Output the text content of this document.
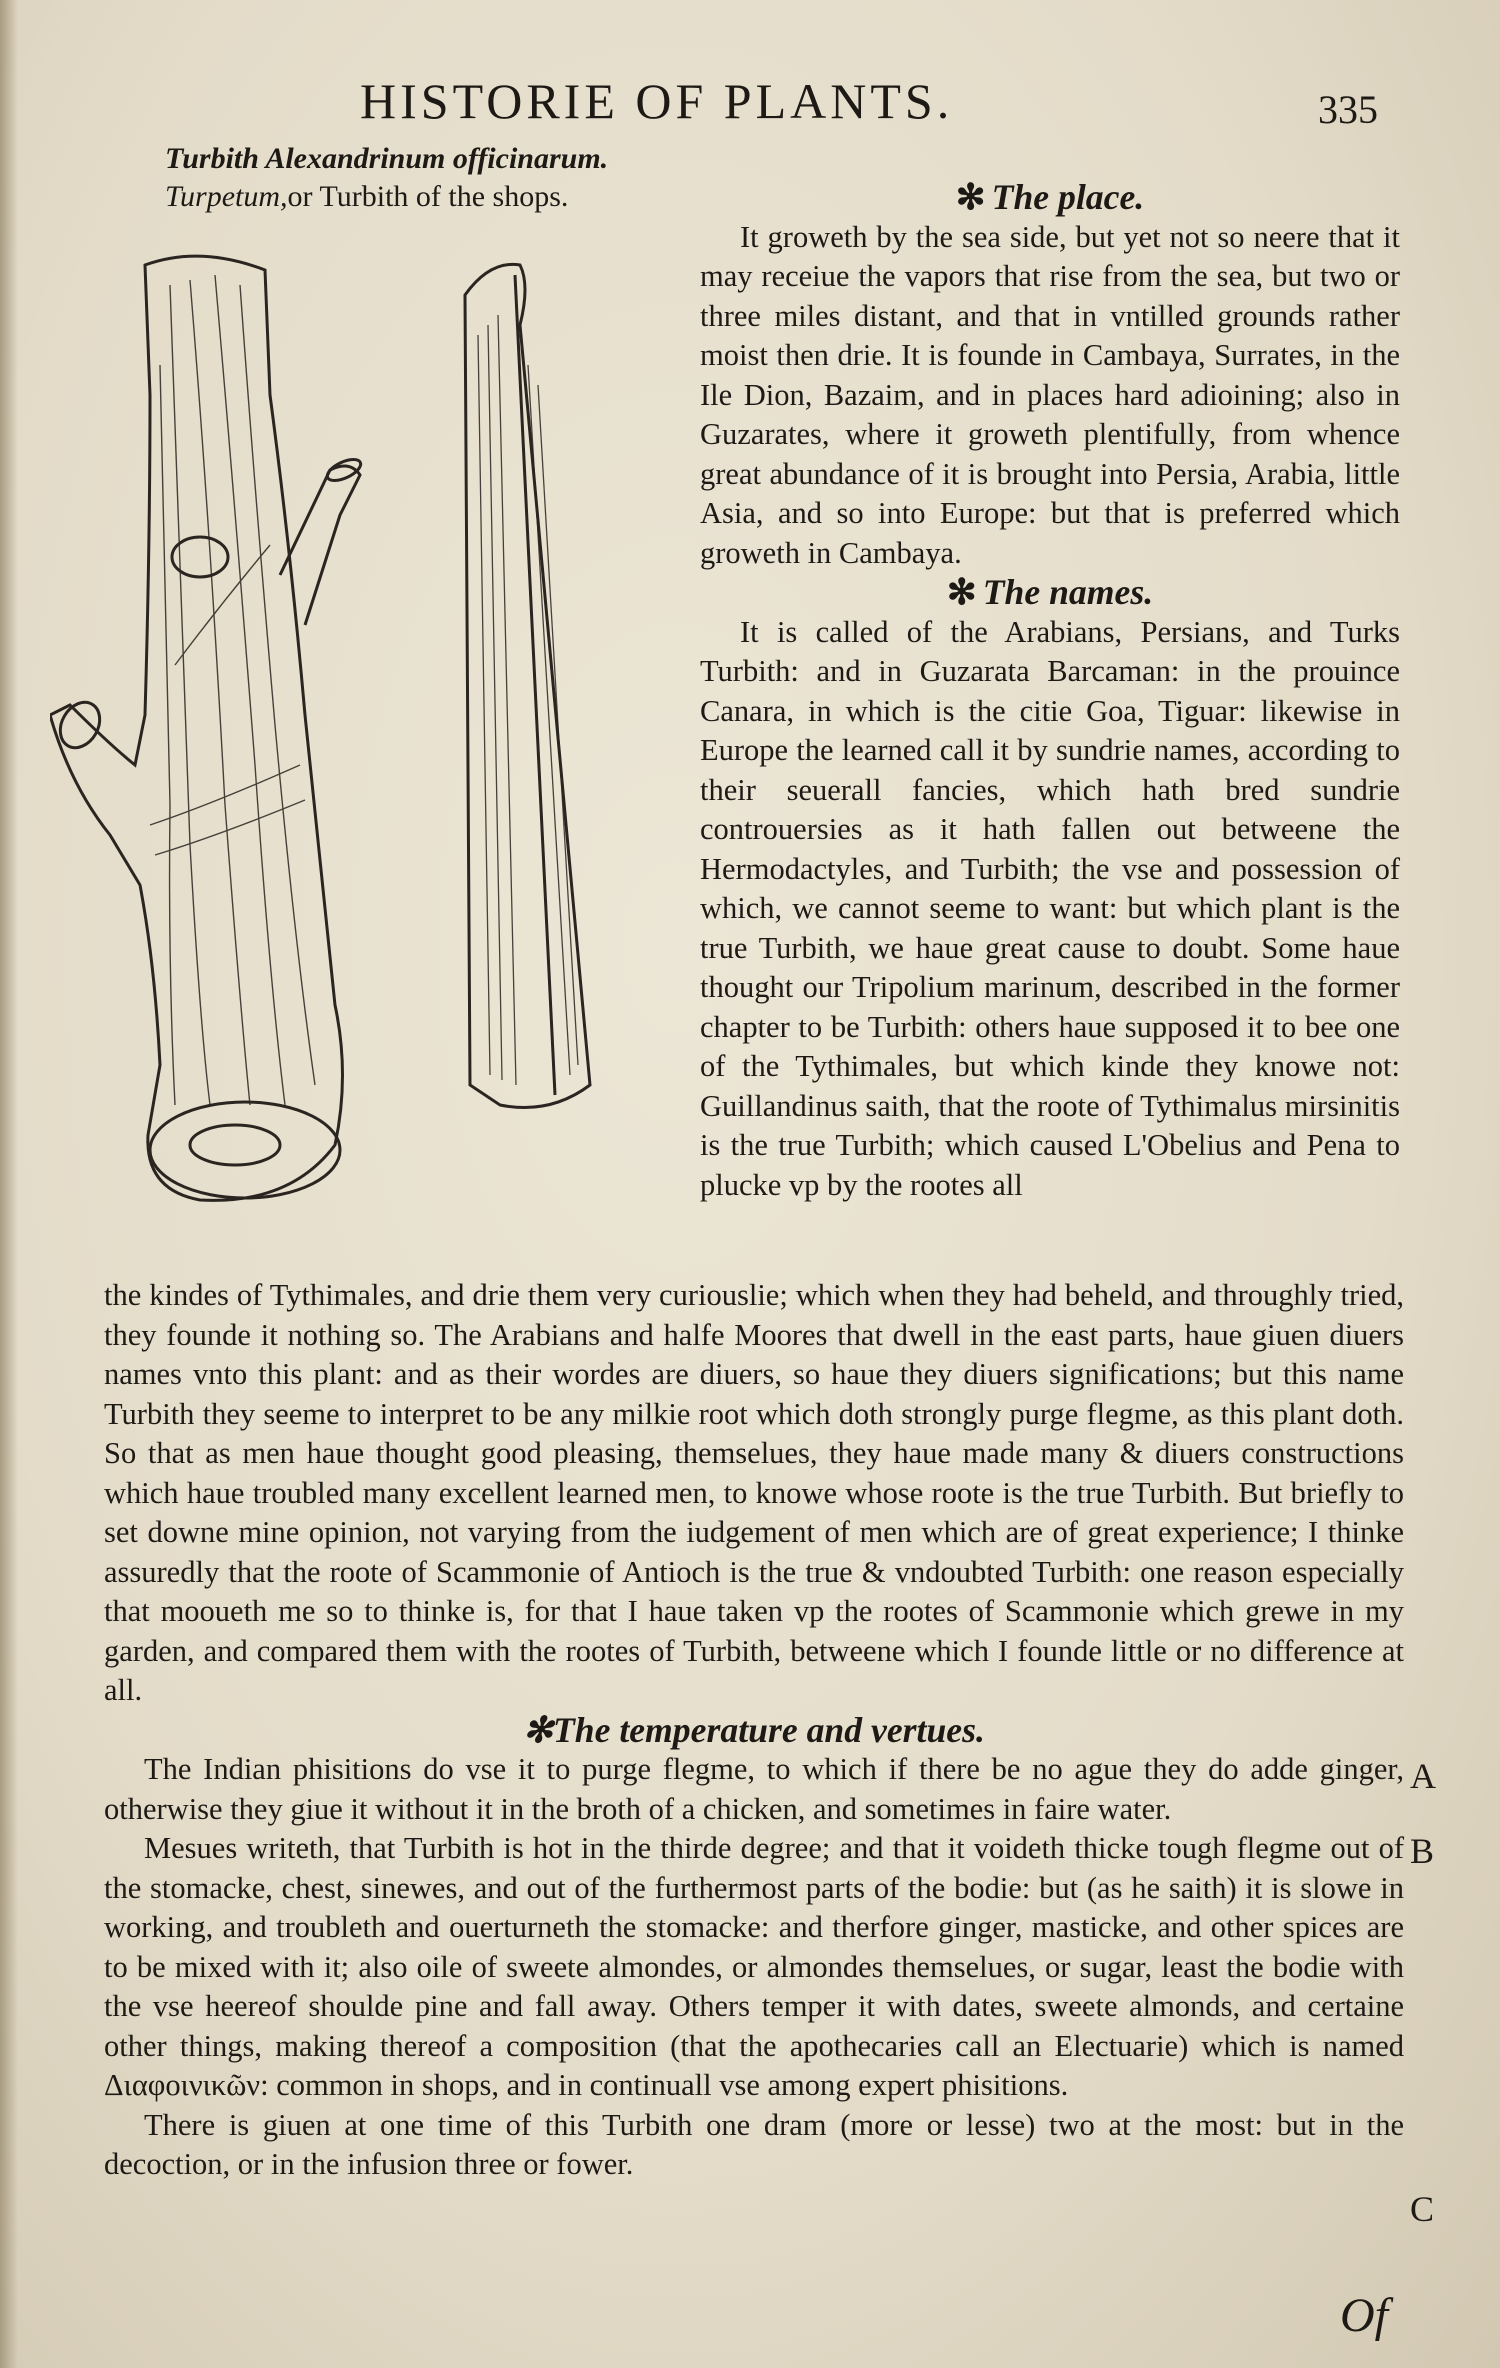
HISTORIE OF PLANTS.	335
Turbith Alexandrinum officinarum.
Turpetum,or Turbith of the shops.	✻ The place.

It groweth by the sea side, but yet not so neere that it may receiue the vapors that rise from the sea, but two or three miles distant, and that in vntilled grounds rather moist then drie. It is founde in Cambaya, Surrates, in the Ile Dion, Bazaim, and in places hard adioining; also in Guzarates, where it groweth plentifully, from whence great abundance of it is brought into Persia, Arabia, little Asia, and so into Europe: but that is preferred which groweth in Cambaya.

✻ The names.

It is called of the Arabians, Persians, and Turks Turbith: and in Guzarata Barcaman: in the prouince Canara, in which is the citie Goa, Tiguar: likewise in Europe the learned call it by sundrie names, according to their seuerall fancies, which hath bred sundrie controuersies as it hath fallen out betweene the Hermodactyles, and Turbith; the vse and possession of which, we cannot seeme to want: but which plant is the true Turbith, we haue great cause to doubt. Some haue thought our Tripolium marinum, described in the former chapter to be Turbith: others haue supposed it to bee one of the Tythimales, but which kinde they knowe not: Guillandinus saith, that the roote of Tythimalus mirsinitis is the true Turbith; which caused L'Obelius and Pena to plucke vp by the rootes all

the kindes of Tythimales, and drie them very curiouslie; which when they had beheld, and throughly tried, they founde it nothing so. The Arabians and halfe Moores that dwell in the east parts, haue giuen diuers names vnto this plant: and as their wordes are diuers, so haue they diuers significations; but this name Turbith they seeme to interpret to be any milkie root which doth strongly purge flegme, as this plant doth. So that as men haue thought good pleasing, themselues, they haue made many & diuers constructions which haue troubled many excellent learned men, to knowe whose roote is the true Turbith. But briefly to set downe mine opinion, not varying from the iudgement of men which are of great experience; I thinke assuredly that the roote of Scammonie of Antioch is the true & vndoubted Turbith: one reason especially that mooueth me so to thinke is, for that I haue taken vp the rootes of Scammonie which grewe in my garden, and compared them with the rootes of Turbith, betweene which I founde little or no difference at all.

✻The temperature and vertues.

The Indian phisitions do vse it to purge flegme, to which if there be no ague they do adde ginger, otherwise they giue it without it in the broth of a chicken, and sometimes in faire water.

Mesues writeth, that Turbith is hot in the thirde degree; and that it voideth thicke tough flegme out of the stomacke, chest, sinewes, and out of the furthermost parts of the bodie: but (as he saith) it is slowe in working, and troubleth and ouerturneth the stomacke: and therfore ginger, masticke, and other spices are to be mixed with it; also oile of sweete almondes, or almondes themselues, or sugar, least the bodie with the vse heereof shoulde pine and fall away. Others temper it with dates, sweete almonds, and certaine other things, making thereof a composition (that the apothecaries call an Electuarie) which is named Διαφοινικῶν: common in shops, and in continuall vse among expert phisitions.

There is giuen at one time of this Turbith one dram (more or lesse) two at the most: but in the decoction, or in the infusion three or fower.

A
B
C
Of
